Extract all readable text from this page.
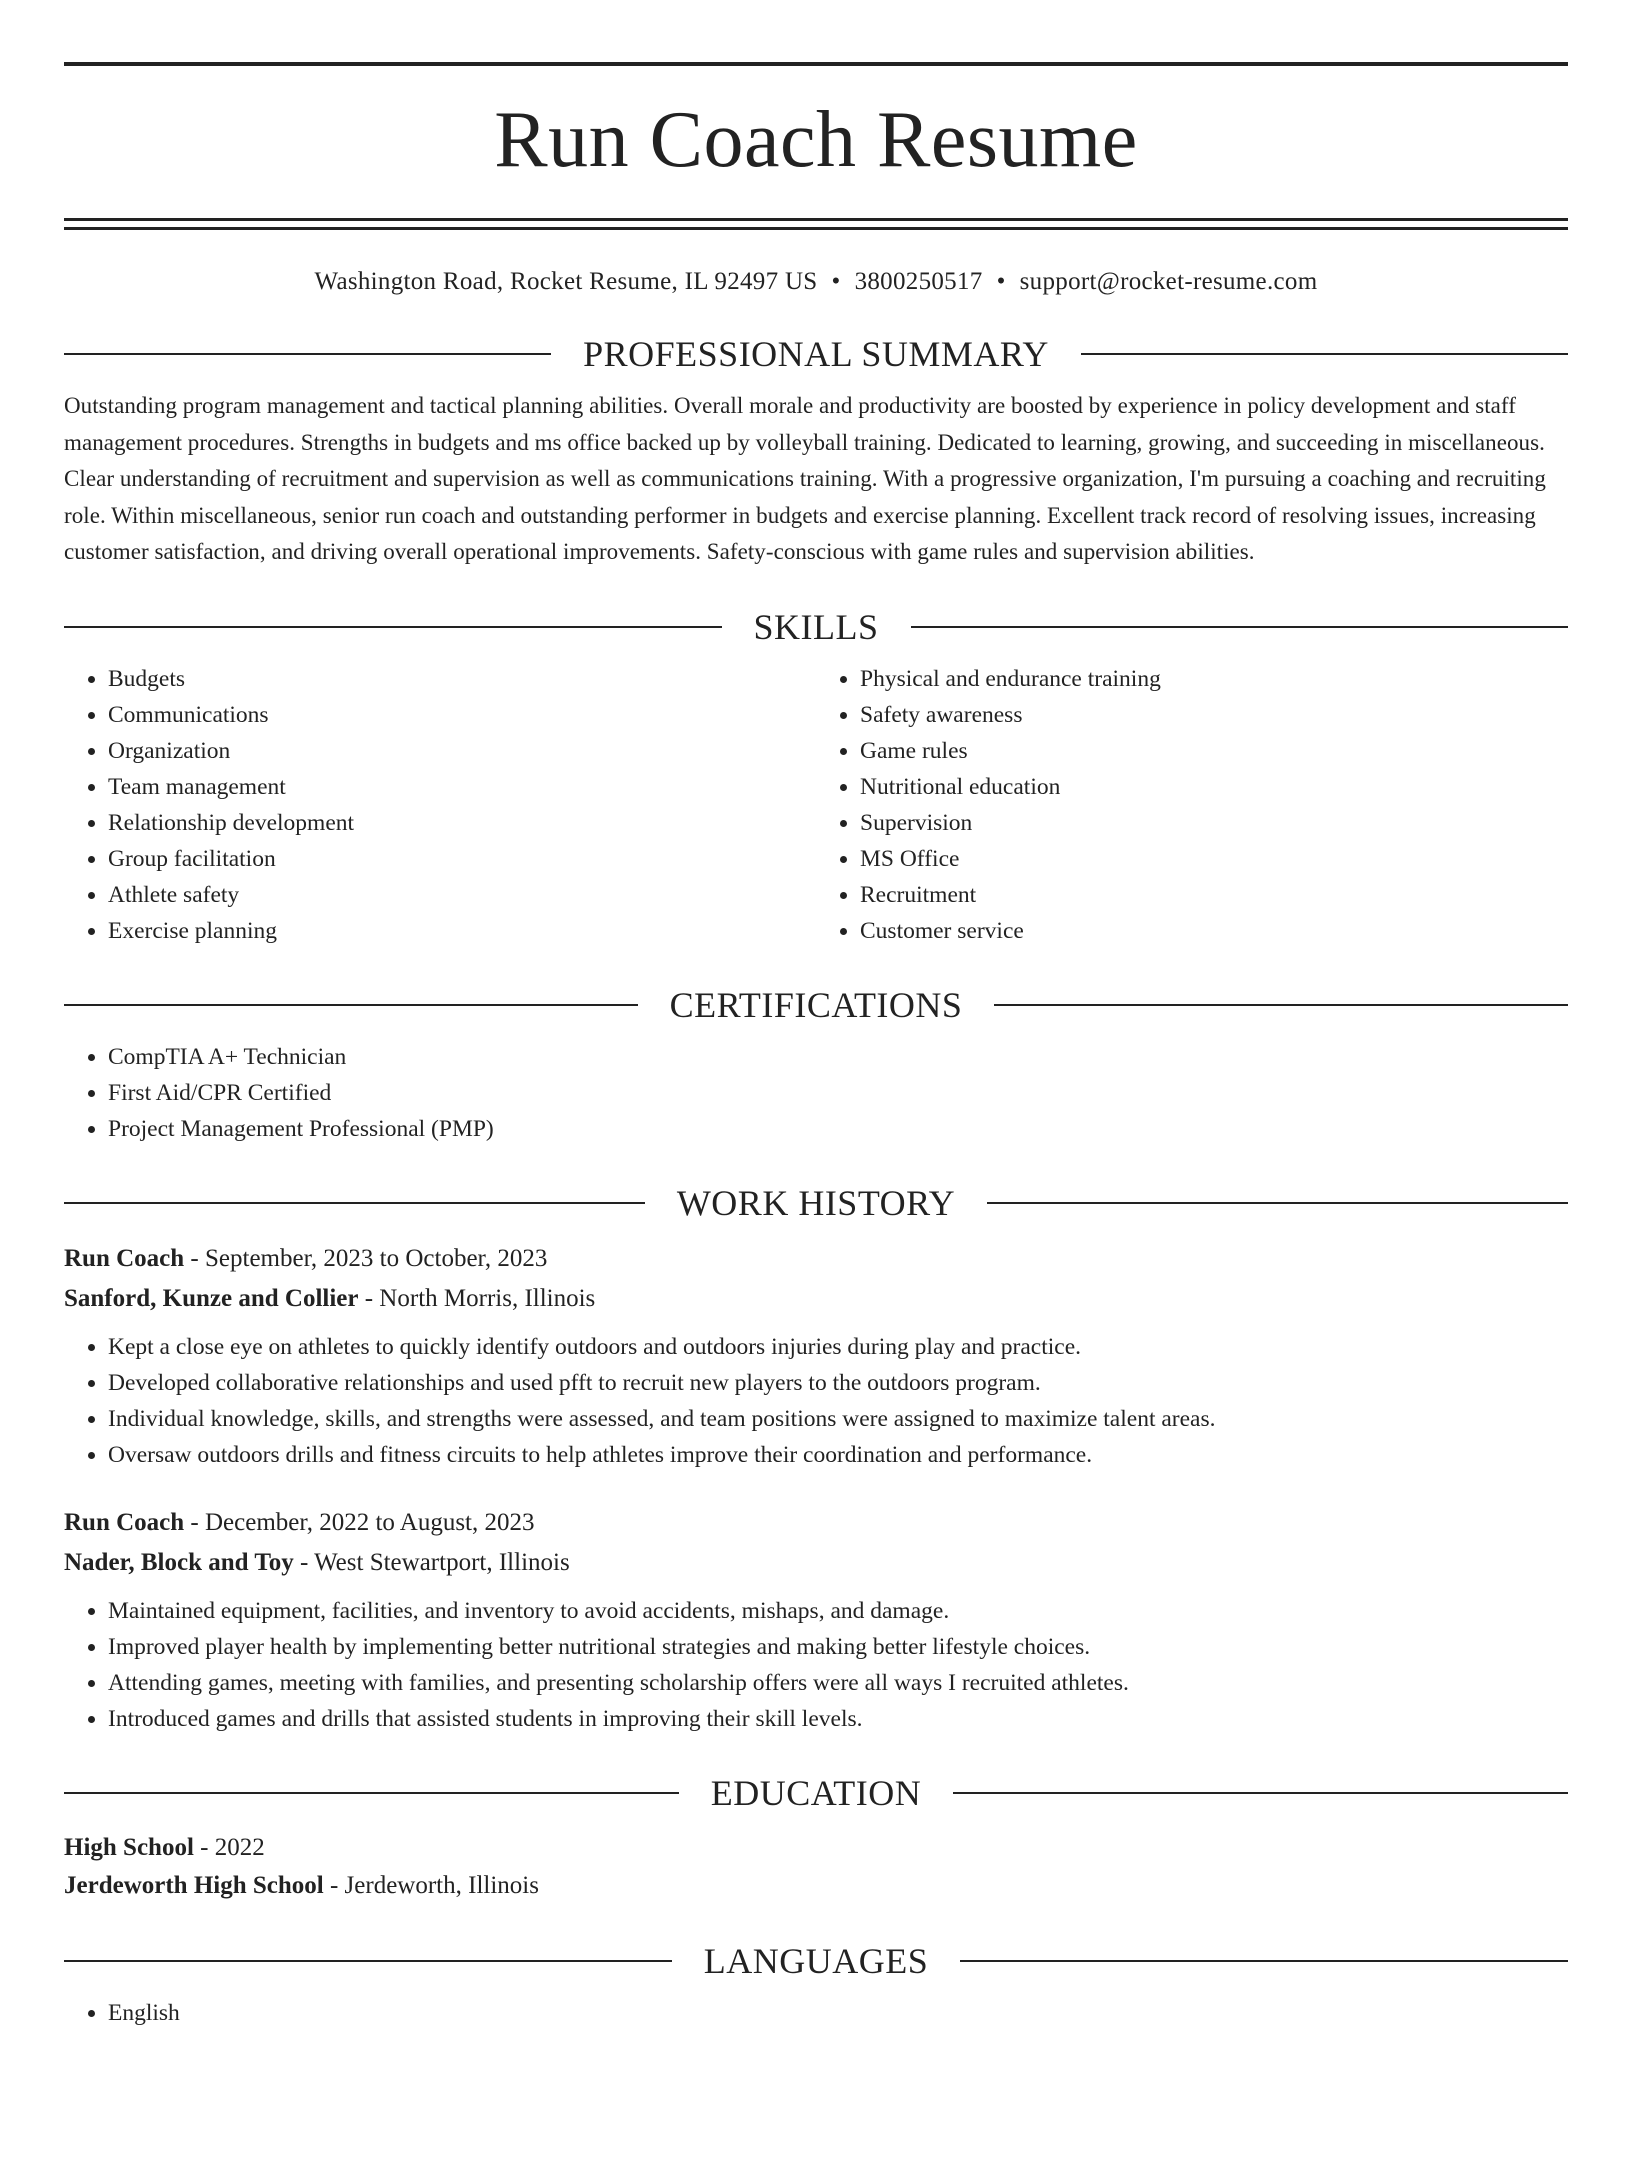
Run Coach Resume
Washington Road, Rocket Resume, IL 92497 US • 3800250517 • support@rocket-resume.com
PROFESSIONAL SUMMARY

Outstanding program management and tactical planning abilities. Overall morale and productivity are boosted by experience in policy development and staff management procedures. Strengths in budgets and ms office backed up by volleyball training. Dedicated to learning, growing, and succeeding in miscellaneous. Clear understanding of recruitment and supervision as well as communications training. With a progressive organization, I'm pursuing a coaching and recruiting role. Within miscellaneous, senior run coach and outstanding performer in budgets and exercise planning. Excellent track record of resolving issues, increasing customer satisfaction, and driving overall operational improvements. Safety-conscious with game rules and supervision abilities.

SKILLS
• Budgets
• Communications
• Organization
• Team management
• Relationship development
• Group facilitation
• Athlete safety
• Exercise planning
• Physical and endurance training
• Safety awareness
• Game rules
• Nutritional education
• Supervision
• MS Office
• Recruitment
• Customer service
CERTIFICATIONS
• CompTIA A+ Technician
• First Aid/CPR Certified
• Project Management Professional (PMP)
WORK HISTORY
Run Coach - September, 2023 to October, 2023
Sanford, Kunze and Collier - North Morris, Illinois
• Kept a close eye on athletes to quickly identify outdoors and outdoors injuries during play and practice.
• Developed collaborative relationships and used pfft to recruit new players to the outdoors program.
• Individual knowledge, skills, and strengths were assessed, and team positions were assigned to maximize talent areas.
• Oversaw outdoors drills and fitness circuits to help athletes improve their coordination and performance.
Run Coach - December, 2022 to August, 2023
Nader, Block and Toy - West Stewartport, Illinois
• Maintained equipment, facilities, and inventory to avoid accidents, mishaps, and damage.
• Improved player health by implementing better nutritional strategies and making better lifestyle choices.
• Attending games, meeting with families, and presenting scholarship offers were all ways I recruited athletes.
• Introduced games and drills that assisted students in improving their skill levels.
EDUCATION
High School - 2022
Jerdeworth High School - Jerdeworth, Illinois
LANGUAGES
• English
